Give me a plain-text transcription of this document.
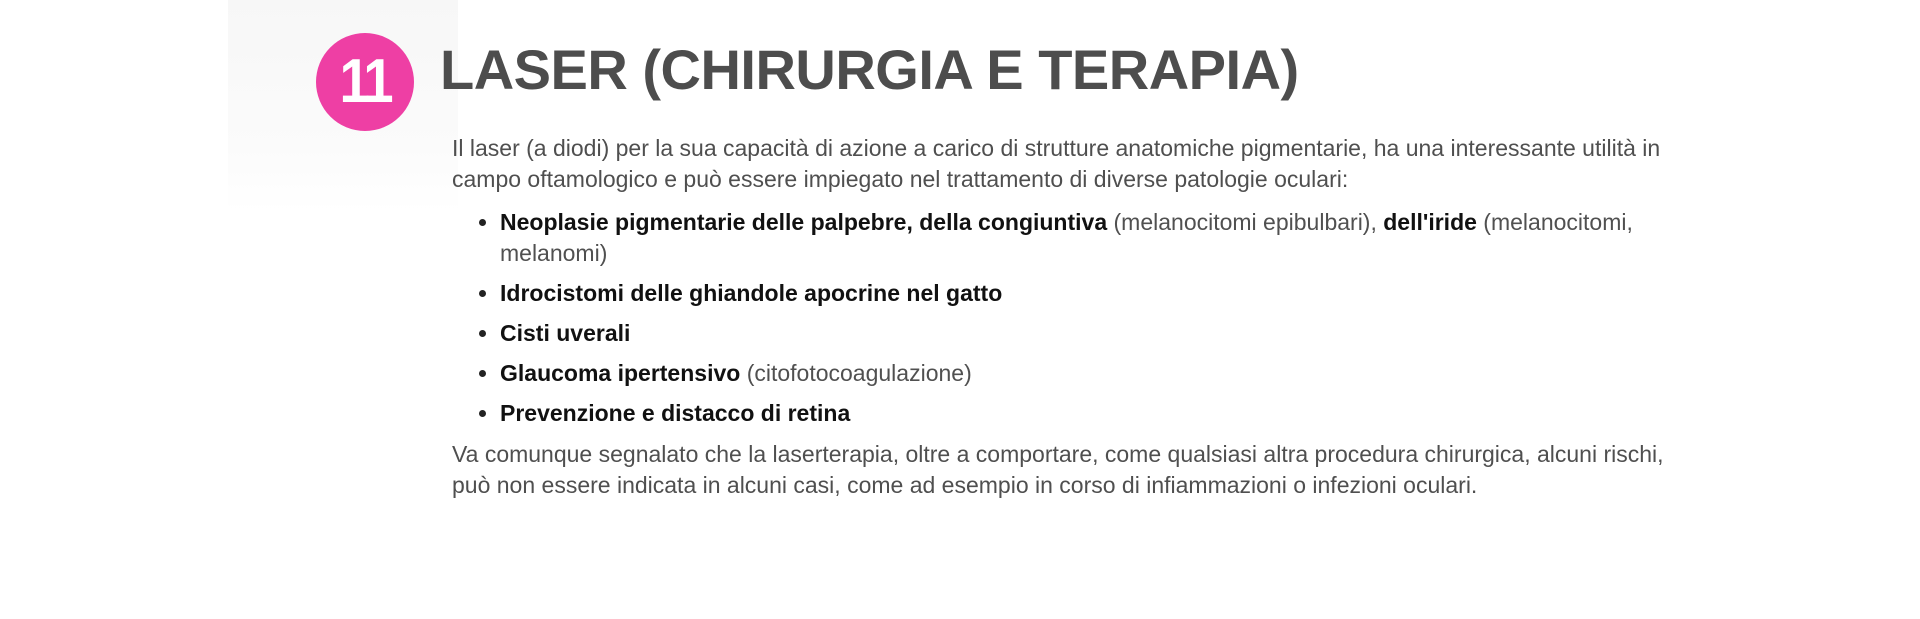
11 LASER (CHIRURGIA E TERAPIA)

Il laser (a diodi) per la sua capacità di azione a carico di strutture anatomiche pigmentarie, ha una interessante utilità in campo oftamologico e può essere impiegato nel trattamento di diverse patologie oculari:

• Neoplasie pigmentarie delle palpebre, della congiuntiva (melanocitomi epibulbari), dell'iride (melanocitomi, melanomi)
• Idrocistomi delle ghiandole apocrine nel gatto
• Cisti uverali
• Glaucoma ipertensivo (citofotocoagulazione)
• Prevenzione e distacco di retina

Va comunque segnalato che la laserterapia, oltre a comportare, come qualsiasi altra procedura chirurgica, alcuni rischi, può non essere indicata in alcuni casi, come ad esempio in corso di infiammazioni o infezioni oculari.
